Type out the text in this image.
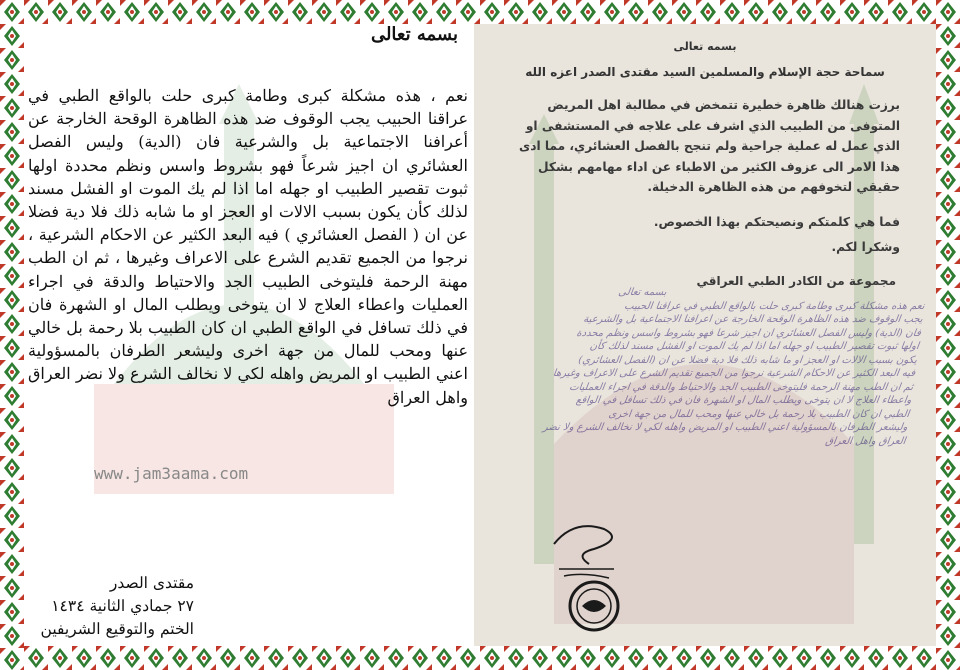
www.jam3aama.com
بسمه تعالى

نعم ، هذه مشكلة كبرى وطامة كبرى حلت بالواقع الطبي في عراقنا الحبيب يجب الوقوف ضد هذه الظاهرة الوقحة الخارجة عن أعرافنا الاجتماعية بل والشرعية فان (الدية) وليس الفصل العشائري ان اجيز شرعاً فهو بشروط واسس ونظم محددة اولها ثبوت تقصير الطبيب او جهله اما اذا لم يك الموت او الفشل مسند لذلك كأن يكون بسبب الالات او العجز او ما شابه ذلك فلا دية فضلا عن ان ( الفصل العشائري ) فيه البعد الكثير عن الاحكام الشرعية ، نرجوا من الجميع تقديم الشرع على الاعراف وغيرها ، ثم ان الطب مهنة الرحمة فليتوخى الطبيب الجد والاحتياط والدقة في اجراء العمليات واعطاء العلاج لا ان يتوخى ويطلب المال او الشهرة فان في ذلك تسافل في الواقع الطبي ان كان الطبيب بلا رحمة بل خالي عنها ومحب للمال من جهة اخرى وليشعر الطرفان بالمسؤولية اعني الطبيب او المريض واهله لكي لا نخالف الشرع ولا نضر العراق واهل العراق

مقتدى الصدر
٢٧ جمادي الثانية ١٤٣٤
الختم والتوقيع الشريفين
بسمه تعالى
سماحة حجة الإسلام والمسلمين السيد مقتدى الصدر اعزه الله

برزت هنالك ظاهرة خطيرة تتمخض في مطالبة اهل المريض المتوفى من الطبيب الذي اشرف على علاجه في المستشفى او الذي عمل له عملية جراحية ولم تنجح بالفصل العشائري، مما ادى هذا الامر الى عزوف الكثير من الاطباء عن اداء مهامهم بشكل حقيقي لتخوفهم من هذه الظاهرة الدخيلة.

فما هي كلمتكم ونصيحتكم بهذا الخصوص.

وشكرا لكم.

مجموعة من الكادر الطبي العراقي
بسمه تعالى
نعم هذه مشكلة كبرى وطامة كبرى حلت بالواقع الطبي في عراقنا الحبيب
يجب الوقوف ضد هذه الظاهرة الوقحة الخارجة عن اعرافنا الاجتماعية بل والشرعية
فان (الدية) وليس الفصل العشائري ان اجيز شرعا فهو بشروط واسس ونظم محددة
اولها ثبوت تقصير الطبيب او جهله اما اذا لم يك الموت او الفشل مسند لذلك كأن
يكون بسبب الالات او العجز او ما شابه ذلك فلا دية فضلا عن ان (الفصل العشائري)
فيه البعد الكثير عن الاحكام الشرعية نرجوا من الجميع تقديم الشرع على الاعراف وغيرها
ثم ان الطب مهنة الرحمة فليتوخى الطبيب الجد والاحتياط والدقة في اجراء العمليات
واعطاء العلاج لا ان يتوخى ويطلب المال او الشهرة فان في ذلك تسافل في الواقع
الطبي ان كان الطبيب بلا رحمة بل خالي عنها ومحب للمال من جهة اخرى
وليشعر الطرفان بالمسؤولية اعني الطبيب او المريض واهله لكي لا نخالف الشرع ولا نضر
العراق واهل العراق
